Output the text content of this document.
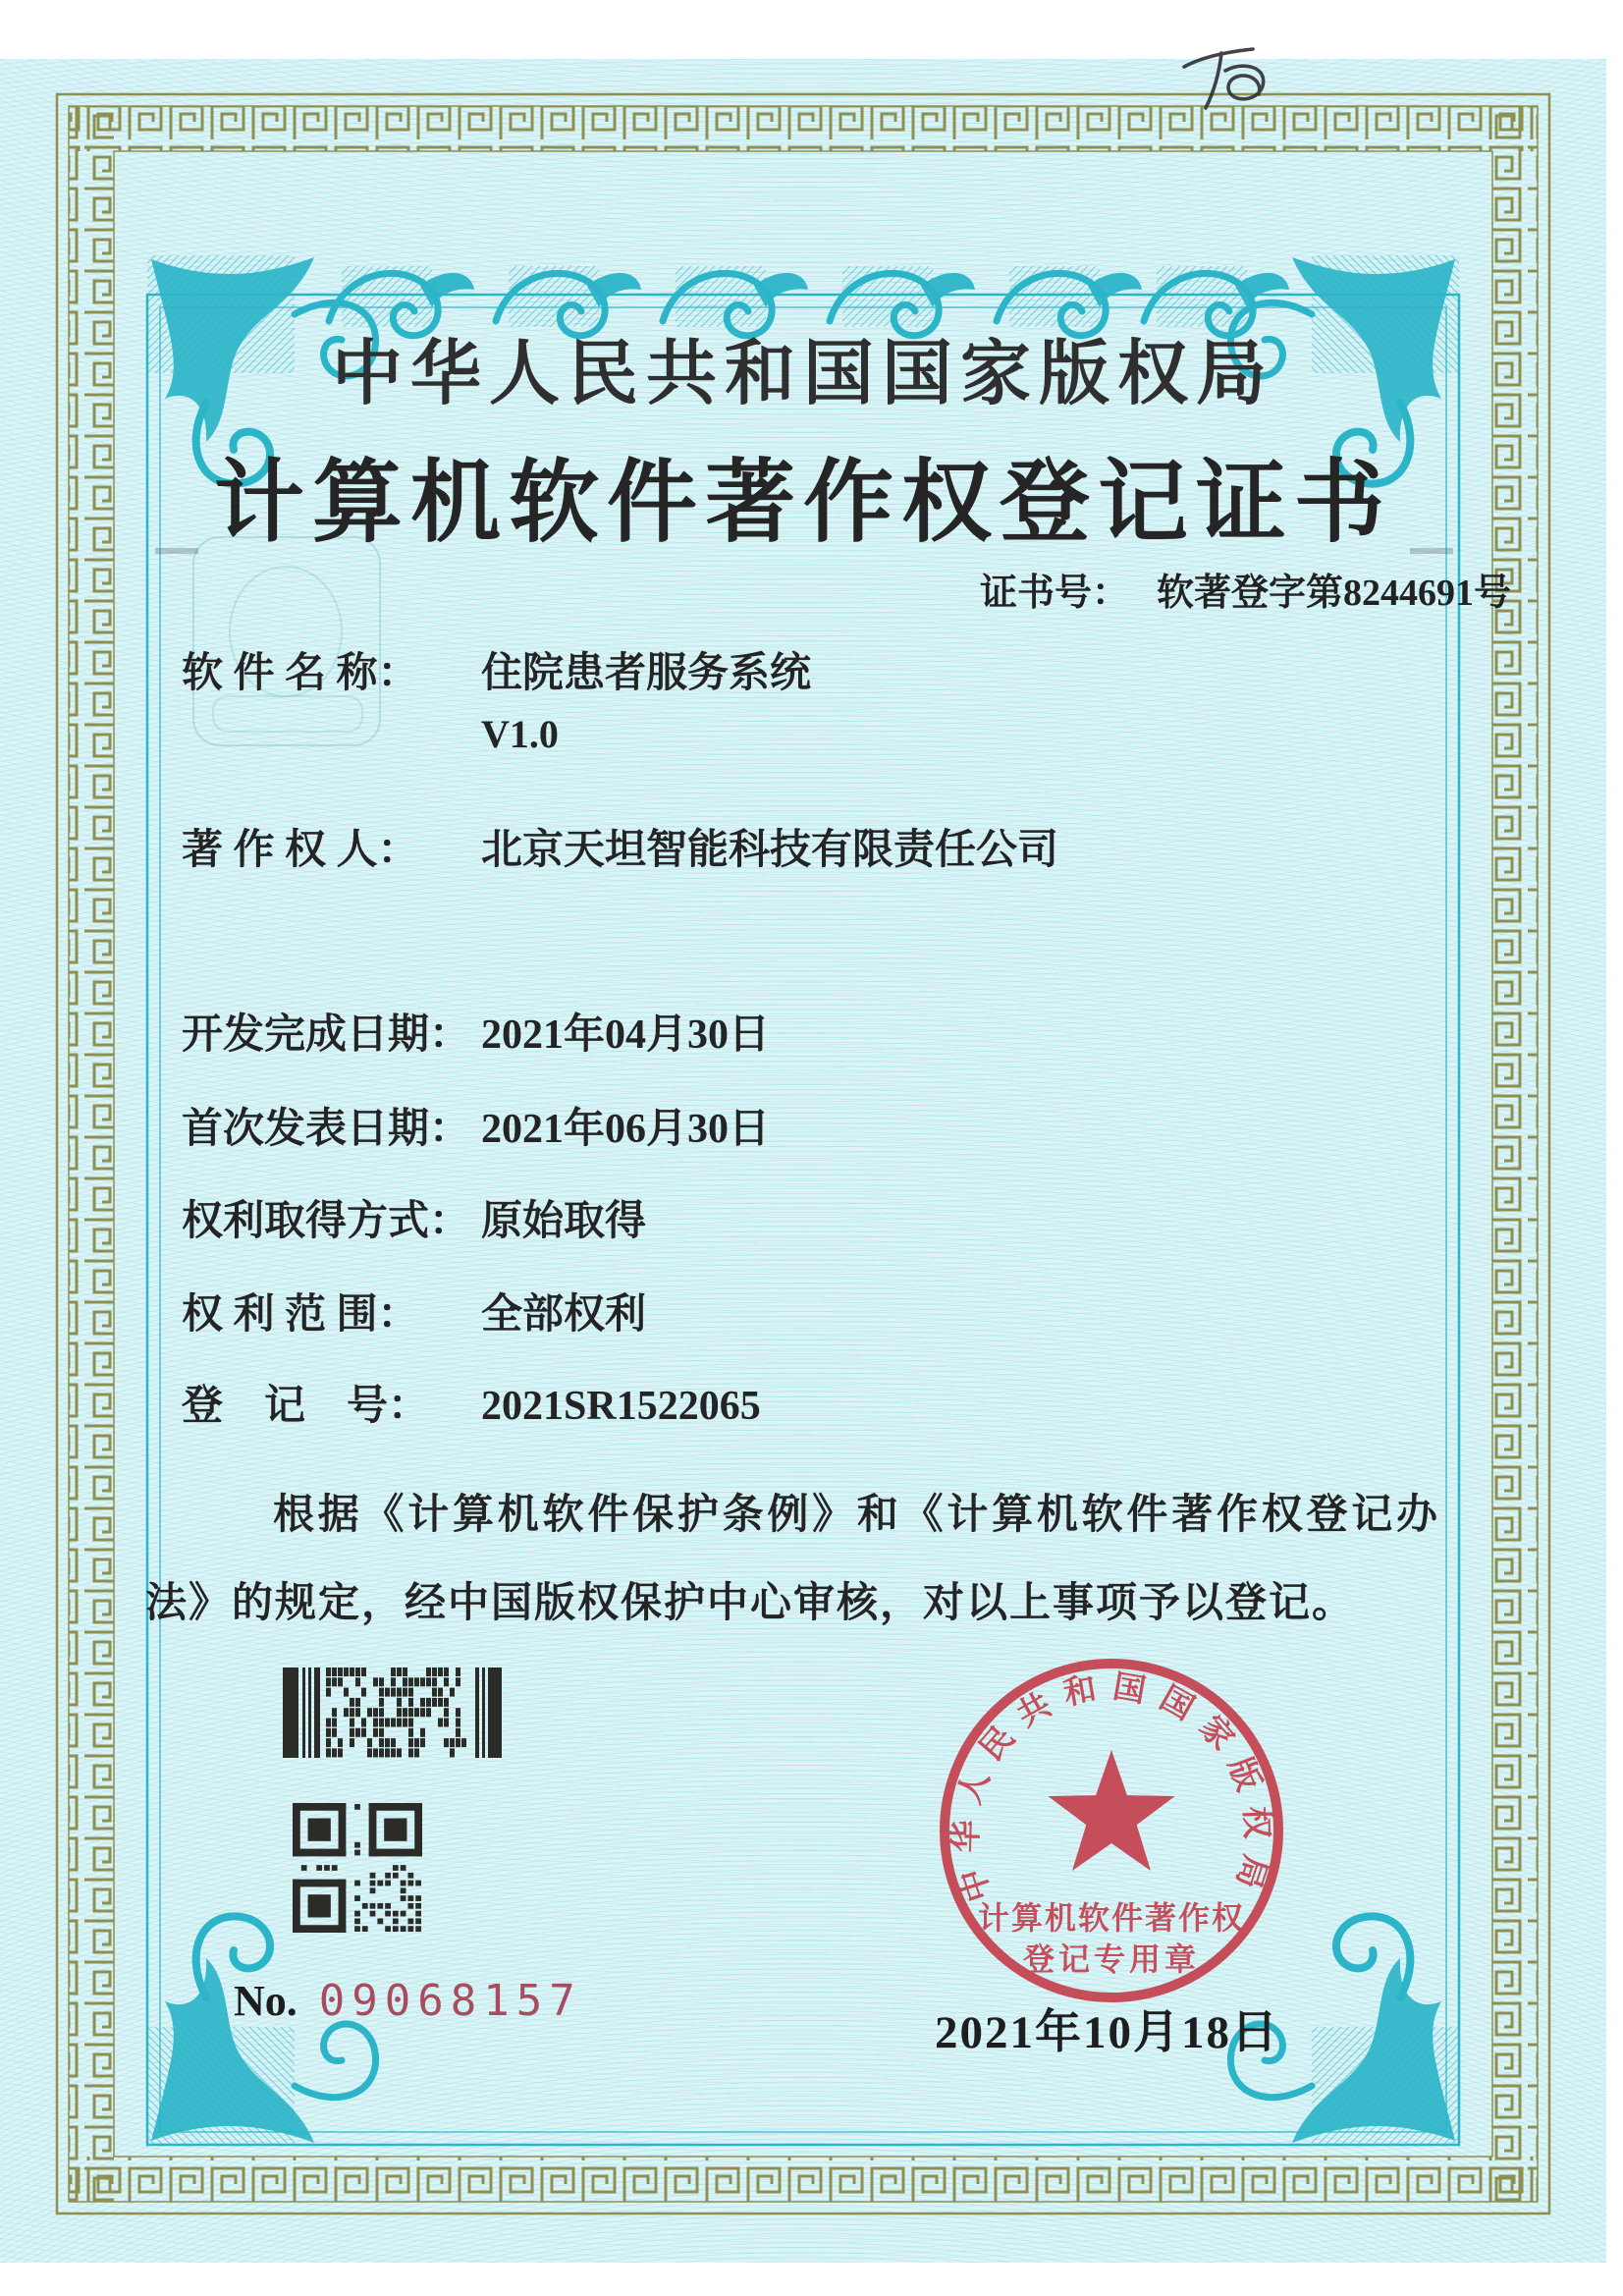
中华人民共和国国家版权局
计算机软件著作权登记证书
证书号： 软著登字第8244691号
软 件 名 称： 住院患者服务系统
V1.0
著 作 权 人： 北京天坦智能科技有限责任公司
开发完成日期： 2021年04月30日
首次发表日期： 2021年06月30日
权利取得方式： 原始取得
权 利 范 围： 全部权利
登　记　号： 2021SR1522065
根据《计算机软件保护条例》和《计算机软件著作权登记办法》的规定，经中国版权保护中心审核，对以上事项予以登记。
No. 09068157
中华人民共和国国家版权局
计算机软件著作权
登记专用章
2021年10月18日
